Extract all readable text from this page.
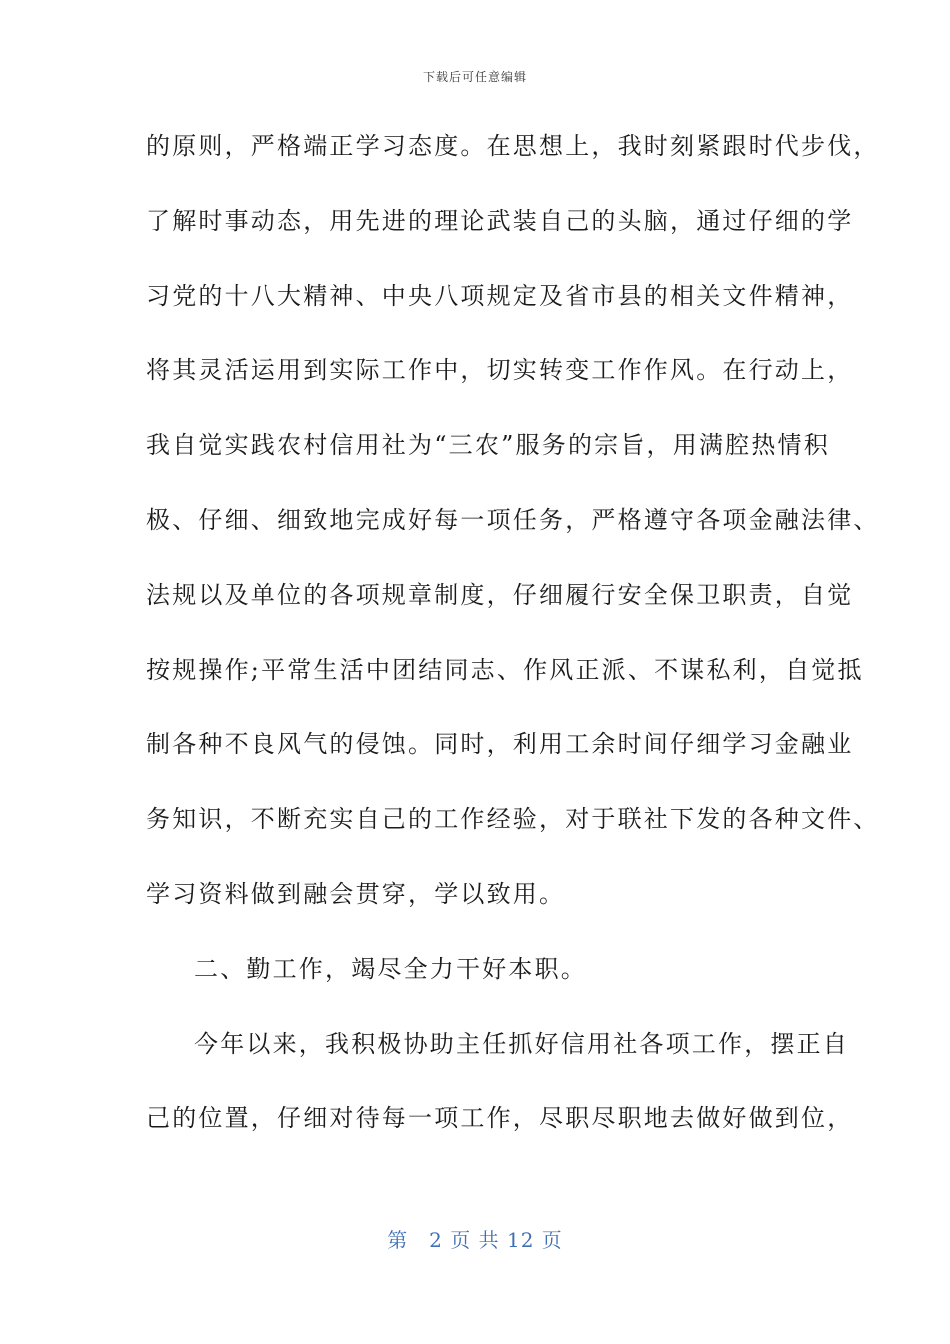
下载后可任意编辑
的原则，严格端正学习态度。在思想上，我时刻紧跟时代步伐，
了解时事动态，用先进的理论武装自己的头脑，通过仔细的学
习党的十八大精神、中央八项规定及省市县的相关文件精神，
将其灵活运用到实际工作中，切实转变工作作风。在行动上，
我自觉实践农村信用社为“三农”服务的宗旨，用满腔热情积
极、仔细、细致地完成好每一项任务，严格遵守各项金融法律、
法规以及单位的各项规章制度，仔细履行安全保卫职责，自觉
按规操作;平常生活中团结同志、作风正派、不谋私利，自觉抵
制各种不良风气的侵蚀。同时，利用工余时间仔细学习金融业
务知识，不断充实自己的工作经验，对于联社下发的各种文件、
学习资料做到融会贯穿，学以致用。
二、勤工作，竭尽全力干好本职。
今年以来，我积极协助主任抓好信用社各项工作，摆正自
己的位置，仔细对待每一项工作，尽职尽职地去做好做到位，
第　2 页 共 12 页
